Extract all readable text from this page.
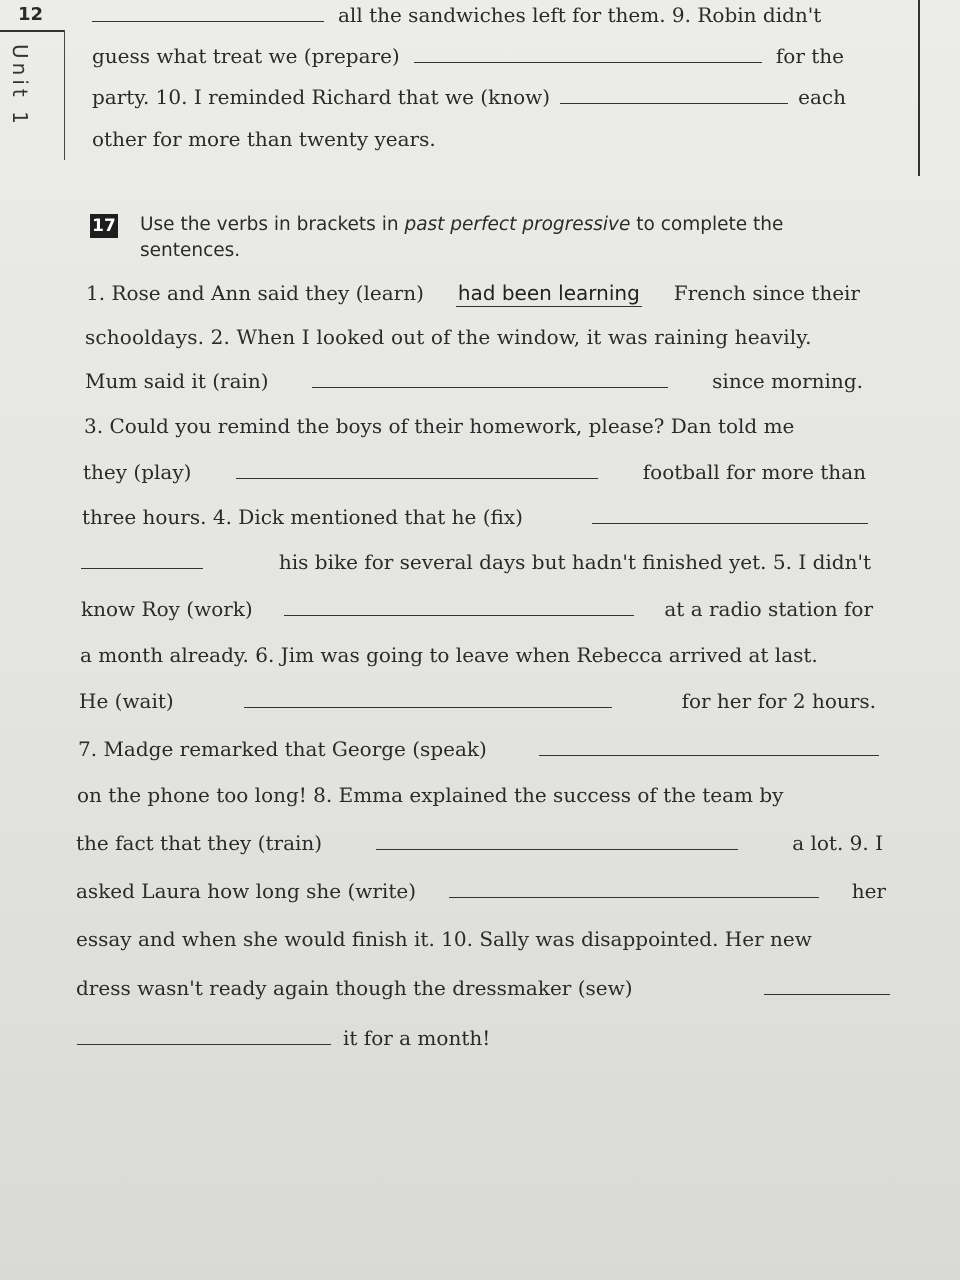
12
Unit 1
all the sandwiches left for them. 9. Robin didn't
guess what treat we (prepare)	for the
party. 10. I reminded Richard that we (know)	each
other for more than twenty years.
17 Use the verbs in brackets in past perfect progressive to complete the sentences.
1. Rose and Ann said they (learn) had been learning French since their
schooldays. 2. When I looked out of the window, it was raining heavily.
Mum said it (rain)	since morning.
3. Could you remind the boys of their homework, please? Dan told me
they (play)	football for more than
three hours. 4. Dick mentioned that he (fix)
his bike for several days but hadn't finished yet. 5. I didn't
know Roy (work)	at a radio station for
a month already. 6. Jim was going to leave when Rebecca arrived at last.
He (wait)	for her for 2 hours.
7. Madge remarked that George (speak)
on the phone too long! 8. Emma explained the success of the team by
the fact that they (train)	a lot. 9. I
asked Laura how long she (write)	her
essay and when she would finish it. 10. Sally was disappointed. Her new
dress wasn't ready again though the dressmaker (sew)
it for a month!
